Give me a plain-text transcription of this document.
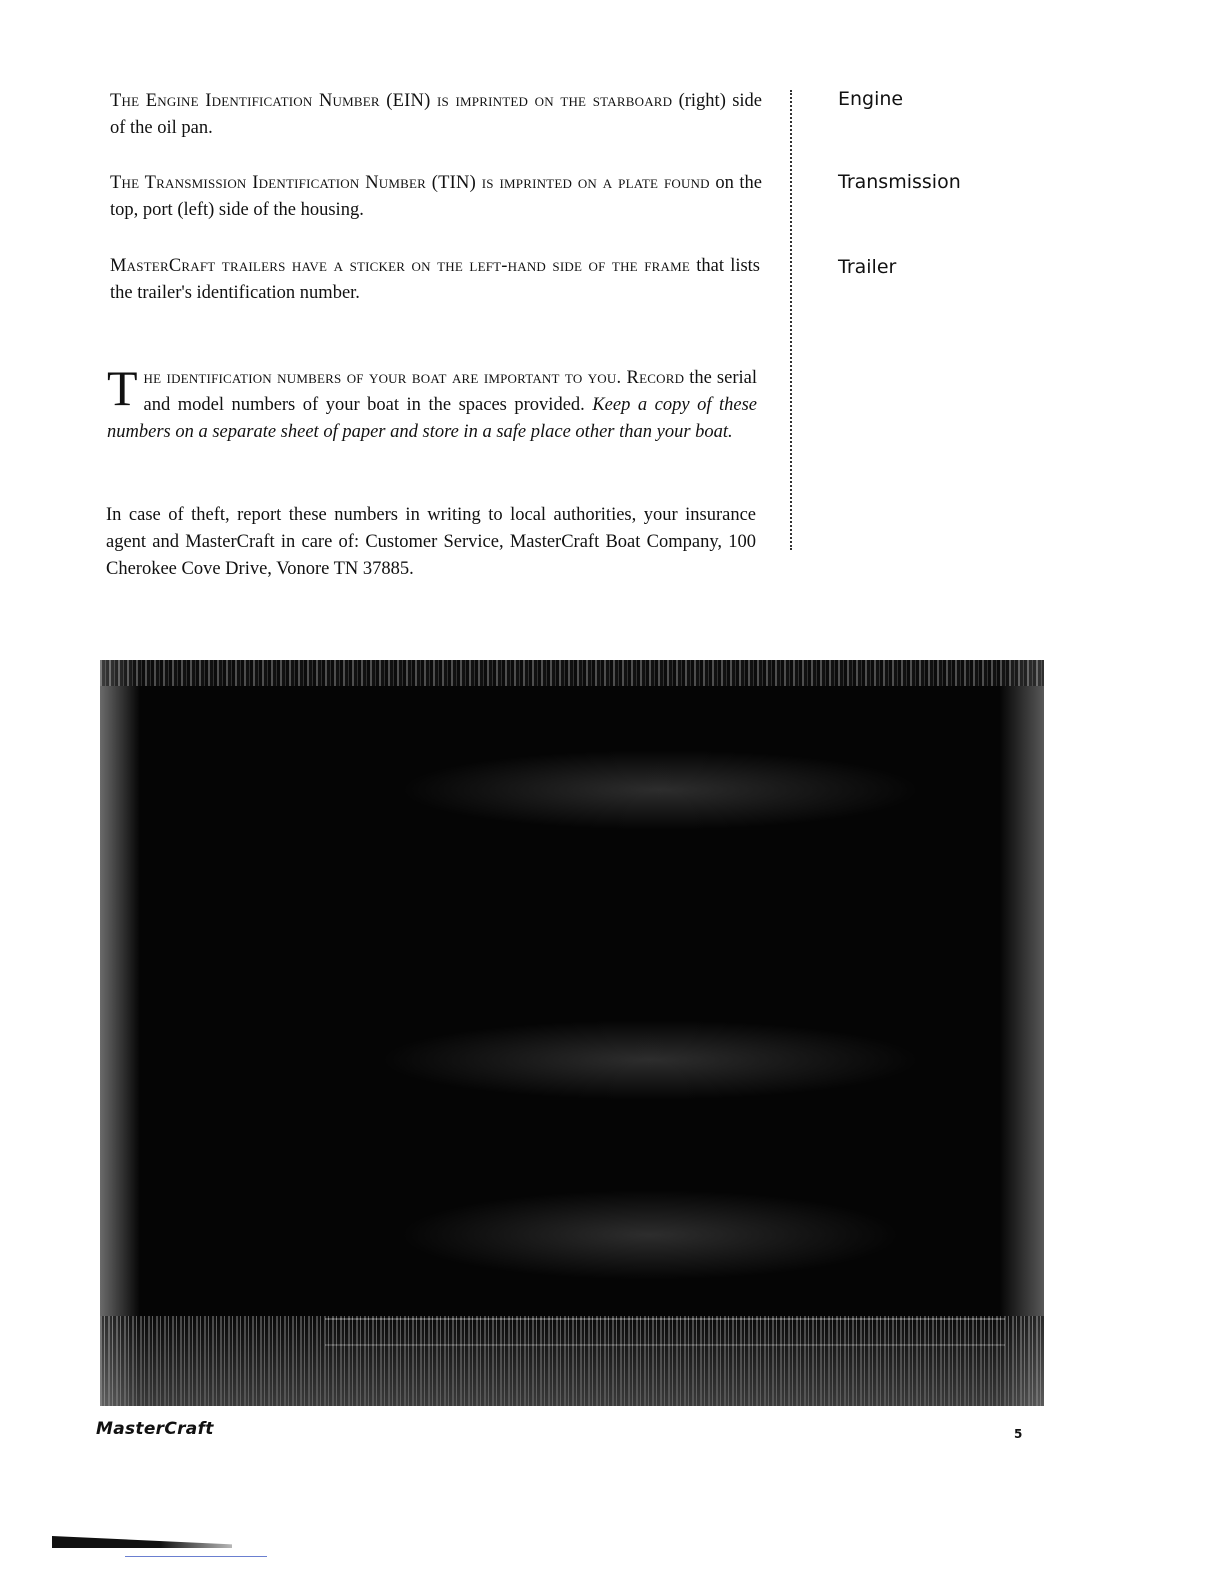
The Engine Identification Number (EIN) is imprinted on the starboard (right) side of the oil pan.

The Transmission Identification Number (TIN) is imprinted on a plate found on the top, port (left) side of the housing.

MasterCraft trailers have a sticker on the left-hand side of the frame that lists the trailer's identification number.

The identification numbers of your boat are important to you. Record the serial and model numbers of your boat in the spaces provided. Keep a copy of these numbers on a separate sheet of paper and store in a safe place other than your boat.

In case of theft, report these numbers in writing to local authorities, your insurance agent and MasterCraft in care of: Customer Service, MasterCraft Boat Company, 100 Cherokee Cove Drive, Vonore TN 37885.

Engine
Transmission
Trailer
MasterCraft	5
